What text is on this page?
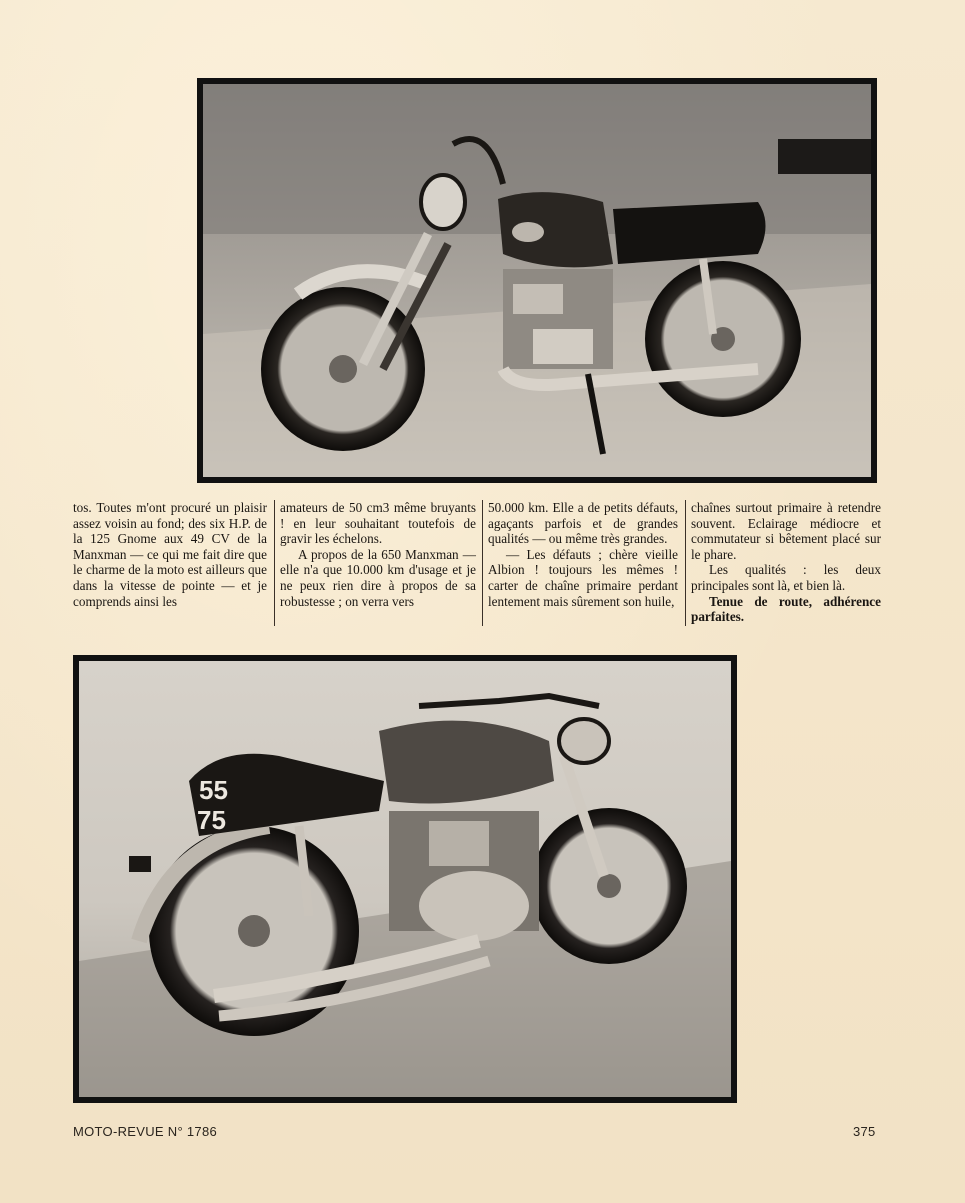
tos. Toutes m'ont procuré un plaisir assez voisin au fond; des six H.P. de la 125 Gnome aux 49 CV de la Manxman — ce qui me fait dire que le charme de la moto est ailleurs que dans la vitesse de pointe — et je comprends ainsi les

amateurs de 50 cm3 même bruyants ! en leur souhaitant toutefois de gravir les échelons.

A propos de la 650 Manxman — elle n'a que 10.000 km d'usage et je ne peux rien dire à propos de sa robustesse ; on verra vers

50.000 km. Elle a de petits défauts, agaçants parfois et de grandes qualités — ou même très grandes.

— Les défauts ; chère vieille Albion ! toujours les mêmes ! carter de chaîne primaire perdant lentement mais sûrement son huile,

chaînes surtout primaire à retendre souvent. Eclairage médiocre et commutateur si bêtement placé sur le phare.

Les qualités : les deux principales sont là, et bien là.

Tenue de route, adhérence parfaites.

55
75
MOTO-REVUE N° 1786	375
